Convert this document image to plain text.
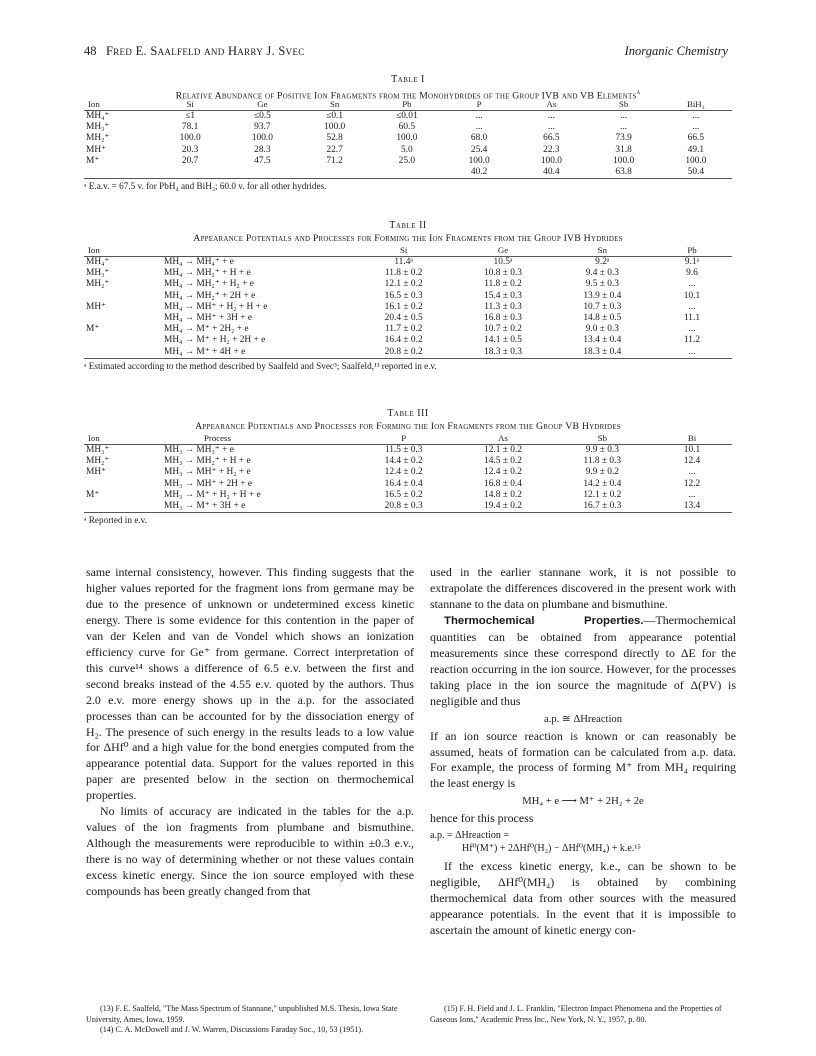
48 Fred E. Saalfeld and Harry J. Svec	Inorganic Chemistry
Table I
Relative Abundance of Positive Ion Fragments from the Monohydrides of the Group IVB and VB Elements$^a$
Ion	Si	Ge	Sn	Pb	P	As	Sb	BiH₃
MH₄⁺	≤1	≤0.5	≤0.1	≤0.01	...	...	...	...
MH₃⁺	78.1	93.7	100.0	60.5	...	...	...	...
MH₂⁺	100.0	100.0	52.8	100.0	68.0	66.5	73.9	66.5
MH⁺	20.3	28.3	22.7	5.0	25.4	22.3	31.8	49.1
M⁺	20.7	47.5	71.2	25.0	100.0	100.0	100.0	100.0
					40.2	40.4	63.8	50.4
ᵃ E.a.v. = 67.5 v. for PbH₄ and BiH₃; 60.0 v. for all other hydrides.
Table II
Appearance Potentials and Processes for Forming the Ion Fragments from the Group IVB Hydrides
Ion		Si	Ge	Sn	Pb
MH₄⁺	MH₄ → MH₄⁺ + e	11.4ᵃ	10.5ᵃ	9.2ᵃ	9.1ᵃ
MH₃⁺	MH₄ → MH₃⁺ + H + e	11.8 ± 0.2	10.8 ± 0.3	9.4 ± 0.3	9.6
MH₂⁺	MH₄ → MH₂⁺ + H₂ + e	12.1 ± 0.2	11.8 ± 0.2	9.5 ± 0.3	...
	MH₄ → MH₂⁺ + 2H + e	16.5 ± 0.3	15.4 ± 0.3	13.9 ± 0.4	10.1
MH⁺	MH₄ → MH⁺ + H₂ + H + e	16.1 ± 0.2	11.3 ± 0.3	10.7 ± 0.3	...
	MH₄ → MH⁺ + 3H + e	20.4 ± 0.5	16.8 ± 0.3	14.8 ± 0.5	11.1
M⁺	MH₄ → M⁺ + 2H₂ + e	11.7 ± 0.2	10.7 ± 0.2	9.0 ± 0.3	...
	MH₄ → M⁺ + H₂ + 2H + e	16.4 ± 0.2	14.1 ± 0.5	13.4 ± 0.4	11.2
	MH₄ → M⁺ + 4H + e	20.8 ± 0.2	18.3 ± 0.3	18.3 ± 0.4	...
ᵃ Estimated according to the method described by Saalfeld and Svec³; Saalfeld,¹³ reported in e.v.
Table III
Appearance Potentials and Processes for Forming the Ion Fragments from the Group VB Hydrides
Ion	Process	P	As	Sb	Bi
MH₃⁺	MH₃ → MH₃⁺ + e	11.5 ± 0.3	12.1 ± 0.2	9.9 ± 0.3	10.1
MH₂⁺	MH₃ → MH₂⁺ + H + e	14.4 ± 0.2	14.5 ± 0.2	11.8 ± 0.3	12.4
MH⁺	MH₃ → MH⁺ + H₂ + e	12.4 ± 0.2	12.4 ± 0.2	9.9 ± 0.2	...
	MH₃ → MH⁺ + 2H + e	16.4 ± 0.4	16.8 ± 0.4	14.2 ± 0.4	12.2
M⁺	MH₃ → M⁺ + H₂ + H + e	16.5 ± 0.2	14.8 ± 0.2	12.1 ± 0.2	...
	MH₃ → M⁺ + 3H + e	20.8 ± 0.3	19.4 ± 0.2	16.7 ± 0.3	13.4
ᵃ Reported in e.v.

same internal consistency, however. This finding suggests that the higher values reported for the fragment ions from germane may be due to the presence of unknown or undetermined excess kinetic energy. There is some evidence for this contention in the paper of van der Kelen and van de Vondel which shows an ionization efficiency curve for Ge⁺ from germane. Correct interpretation of this curve¹⁴ shows a difference of 6.5 e.v. between the first and second breaks instead of the 4.55 e.v. quoted by the authors. Thus 2.0 e.v. more energy shows up in the a.p. for the associated processes than can be accounted for by the dissociation energy of H₂. The presence of such energy in the results leads to a low value for ΔHf⁰ and a high value for the bond energies computed from the appearance potential data. Support for the values reported in this paper are presented below in the section on thermochemical properties.

No limits of accuracy are indicated in the tables for the a.p. values of the ion fragments from plumbane and bismuthine. Although the measurements were reproducible to within ±0.3 e.v., there is no way of determining whether or not these values contain excess kinetic energy. Since the ion source employed with these compounds has been greatly changed from that

used in the earlier stannane work, it is not possible to extrapolate the differences discovered in the present work with stannane to the data on plumbane and bismuthine.

Thermochemical Properties.—Thermochemical quantities can be obtained from appearance potential measurements since these correspond directly to ΔE for the reaction occurring in the ion source. However, for the processes taking place in the ion source the magnitude of Δ(PV) is negligible and thus

a.p. ≅ ΔHreaction

If an ion source reaction is known or can reasonably be assumed, heats of formation can be calculated from a.p. data. For example, the process of forming M⁺ from MH₄ requiring the least energy is

MH₄ + e ⟶ M⁺ + 2H₂ + 2e

hence for this process

a.p. = ΔHreaction =
Hf⁰(M⁺) + 2ΔHf⁰(H₂) − ΔHf⁰(MH₄) + k.e.¹⁵

If the excess kinetic energy, k.e., can be shown to be negligible, ΔHf⁰(MH₄) is obtained by combining thermochemical data from other sources with the measured appearance potentials. In the event that it is impossible to ascertain the amount of kinetic energy con-

(13) F. E. Saalfeld, "The Mass Spectrum of Stannane," unpublished M.S. Thesis, Iowa State University, Ames, Iowa, 1959.

(14) C. A. McDowell and J. W. Warren, Discussions Faraday Soc., 10, 53 (1951).

(15) F. H. Field and J. L. Franklin, "Electron Impact Phenomena and the Properties of Gaseous Ions," Academic Press Inc., New York, N. Y., 1957, p. 80.
